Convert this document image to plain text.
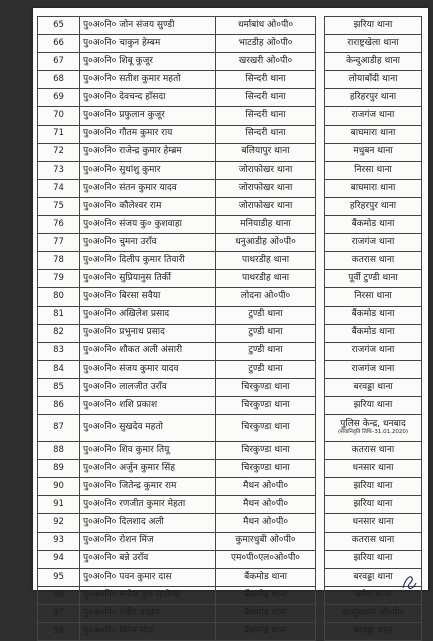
65	पु०अ०नि० जोन संजय सुण्डी	धर्माबांध ओ०पी०		झरिया थाना
66	पु०अ०नि० चाकुन हेम्बम	भाटडीह ओ०पी०		राराष्ट्रखेला थाना
67	पु०अ०नि० शिबू कुजूर	खरखरी ओ०पी०		केन्दुआडीह थाना
68	पु०अ०नि० सतीश कुमार महतो	सिन्दरी थाना		लोयाबाँदी थाना
69	पु०अ०नि० देवचन्द हाँसदा	सिन्दरी थाना		हरिहरपुर थाना
70	पु०अ०नि० प्रफुलान कुजूर	सिन्दरी थाना		राजगंज थाना
71	पु०अ०नि० गौतम कुमार राय	सिन्दरी थाना		बाघमारा थाना
72	पु०अ०नि० राजेन्द्र कुमार हेम्ब्रम	बलियापुर थाना		मधुबन थाना
73	पु०अ०नि० सुधांशु कुमार	जोराफोखर थाना		निरसा थाना
74	पु०अ०नि० संतन कुमार यादव	जोराफोखर थाना		बाघमारा थाना
75	पु०अ०नि० कौलेश्वर राम	जोराफोखर थाना		हरिहरपुर थाना
76	पु०अ०नि० संजय कु० कुशवाहा	मनियाडीह थाना		बैंकमोड थाना
77	पु०अ०नि० चुमना उराँव	धनुआडीह ओ०पी०		राजगंज थाना
78	पु०अ०नि० दिलीप कुमार तिवारी	पाथरडीह थाना		कतरास थाना
79	पु०अ०नि० सुप्रियानुस तिर्की	पाथरडीह थाना		पूर्वी टुण्डी थाना
80	पु०अ०नि० बिरसा सवैया	लोदना ओ०पी०		निरसा थाना
81	पु०अ०नि० अखिलेश प्रसाद	टुण्डी थाना		बैंकमोड थाना
82	पु०अ०नि० प्रभुनाथ प्रसाद	टुण्डी थाना		बैंकमोड थाना
83	पु०अ०नि० शौकत अली अंसारी	टुण्डी थाना		राजगंज थाना
84	पु०अ०नि० संजय कुमार यादव	टुण्डी थाना		राजगंज थाना
85	पु०अ०नि० लालजीत उराँव	चिरकुण्डा थाना		बरवड्डा थाना
86	पु०अ०नि० शशि प्रकाश	चिरकुण्डा थाना		झरिया थाना
87	पु०अ०नि० सुखदेव महतो	चिरकुण्डा थाना		पुलिस केन्द्र, धनबाद
(सेवानिवृति तिथि–31.01.2020)

88	पु०अ०नि० शिव कुमार तियू	चिरकुण्डा थाना		कतरास थाना
89	पु०अ०नि० अर्जुन कुमार सिंह	चिरकुण्डा थाना		धनसार थाना
90	पु०अ०नि० जितेन्द्र कुमार राम	मैथन ओ०पी०		झरिया थाना
91	पु०अ०नि० रणजीत कुमार मेहता	मैथन ओ०पी०		झरिया थाना
92	पु०अ०नि० दिलशाद अली	मैथन ओ०पी०		धनसार थाना
93	पु०अ०नि० रोशन मिंज	कुमारधुबी ओ०पी०		कतरास थाना
94	पु०अ०नि० बन्ने उराँव	एम०पी०एल०ओ०पी०		झरिया थाना
95	पु०अ०नि० पवन कुमार दास	बैंकमोड थाना		बरवड्डा थाना
96	पु०अ०नि० मनोज कु० चारोम्बा	बैंकमोड थाना		बरोरा थाना
97	पु०अ०नि० रंजीत वच्छप	बैंकमोड थाना		कालूबथान ओ०पी०
98	पु०अ०नि० बिगन सोय	बैंकमोड थाना		बरवड्डा थाना
